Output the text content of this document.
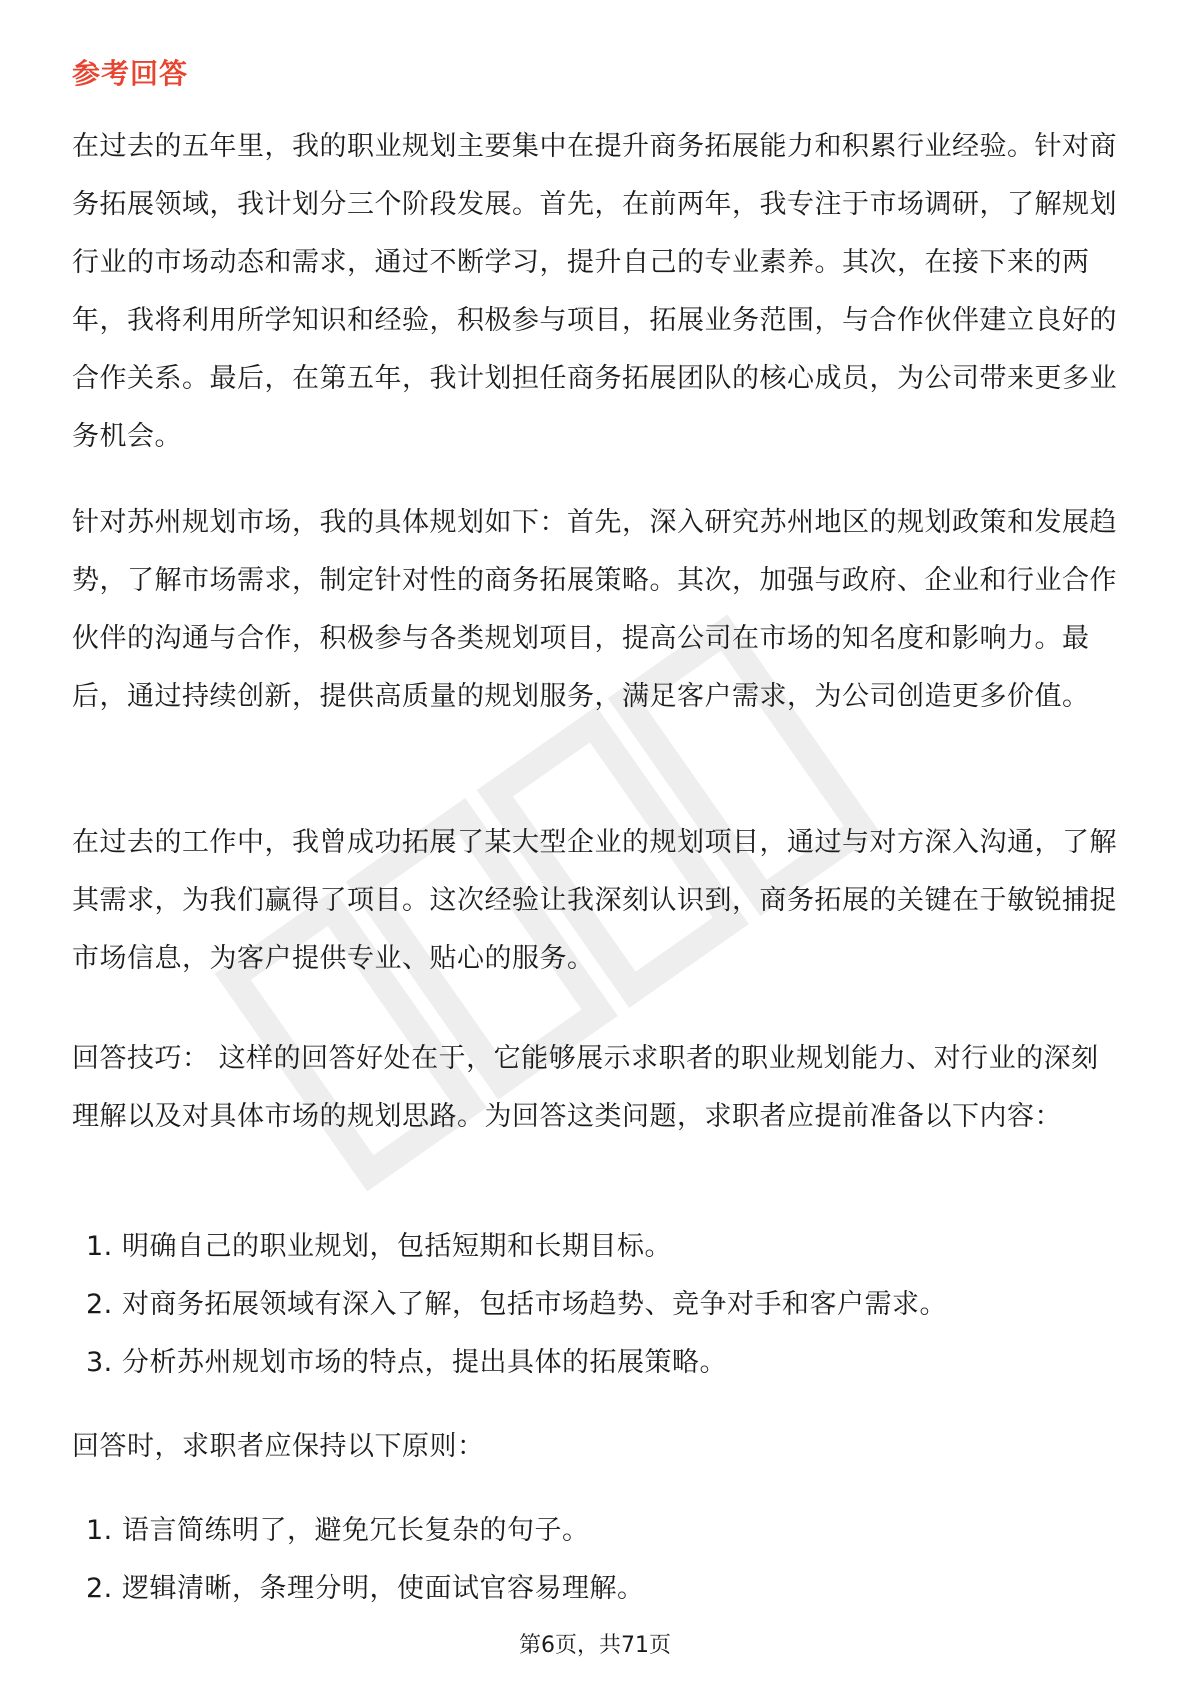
参考回答

在过去的五年里，我的职业规划主要集中在提升商务拓展能力和积累行业经验。针对商务拓展领域，我计划分三个阶段发展。首先，在前两年，我专注于市场调研，了解规划行业的市场动态和需求，通过不断学习，提升自己的专业素养。其次，在接下来的两年，我将利用所学知识和经验，积极参与项目，拓展业务范围，与合作伙伴建立良好的合作关系。最后，在第五年，我计划担任商务拓展团队的核心成员，为公司带来更多业务机会。

针对苏州规划市场，我的具体规划如下：首先，深入研究苏州地区的规划政策和发展趋势，了解市场需求，制定针对性的商务拓展策略。其次，加强与政府、企业和行业合作伙伴的沟通与合作，积极参与各类规划项目，提高公司在市场的知名度和影响力。最后，通过持续创新，提供高质量的规划服务，满足客户需求，为公司创造更多价值。

在过去的工作中，我曾成功拓展了某大型企业的规划项目，通过与对方深入沟通，了解其需求，为我们赢得了项目。这次经验让我深刻认识到，商务拓展的关键在于敏锐捕捉市场信息，为客户提供专业、贴心的服务。

回答技巧： 这样的回答好处在于，它能够展示求职者的职业规划能力、对行业的深刻理解以及对具体市场的规划思路。为回答这类问题，求职者应提前准备以下内容：

1. 明确自己的职业规划，包括短期和长期目标。
2. 对商务拓展领域有深入了解，包括市场趋势、竞争对手和客户需求。
3. 分析苏州规划市场的特点，提出具体的拓展策略。

回答时，求职者应保持以下原则：

1. 语言简练明了，避免冗长复杂的句子。
2. 逻辑清晰，条理分明，使面试官容易理解。
第6页，共71页
